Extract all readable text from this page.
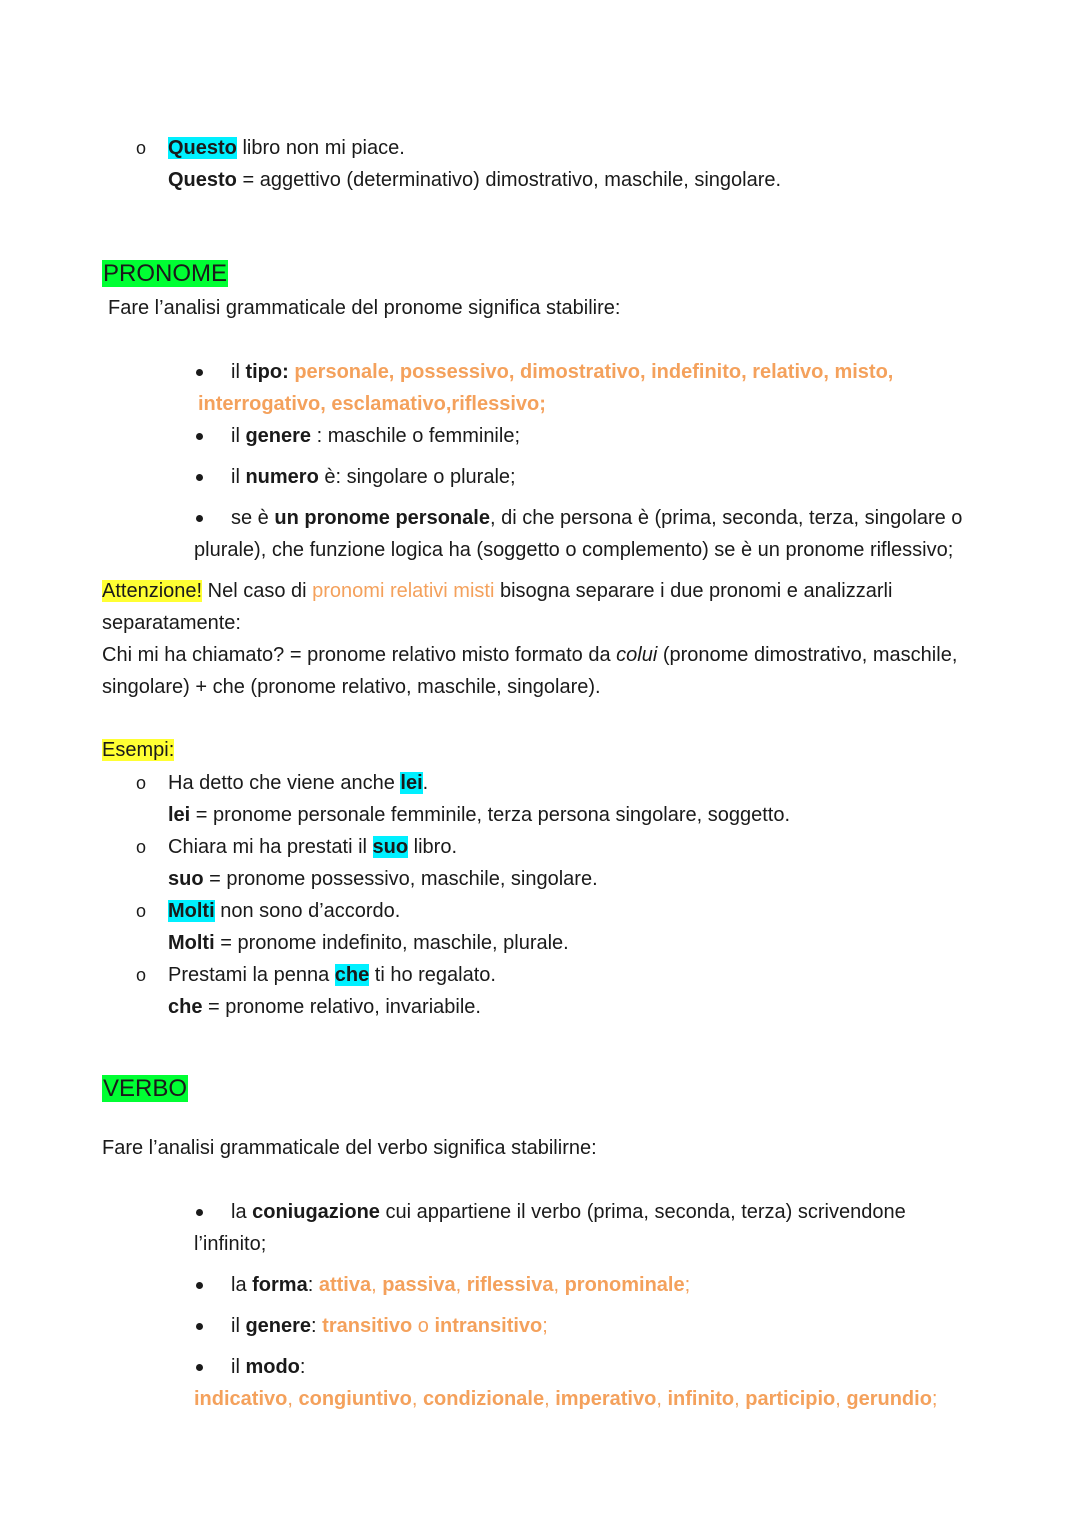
o Questo libro non mi piace.
Questo = aggettivo (determinativo) dimostrativo, maschile, singolare.
PRONOME
Fare l’analisi grammaticale del pronome significa stabilire:
il tipo: personale, possessivo, dimostrativo, indefinito, relativo, misto,
interrogativo, esclamativo,riflessivo;
il genere : maschile o femminile;
il numero è: singolare o plurale;
se è un pronome personale, di che persona è (prima, seconda, terza, singolare o
plurale), che funzione logica ha (soggetto o complemento) se è un pronome riflessivo;
Attenzione! Nel caso di pronomi relativi misti bisogna separare i due pronomi e analizzarli
separatamente:
Chi mi ha chiamato? = pronome relativo misto formato da colui (pronome dimostrativo, maschile,
singolare) + che (pronome relativo, maschile, singolare).
Esempi:
o Ha detto che viene anche lei.
lei = pronome personale femminile, terza persona singolare, soggetto.
o Chiara mi ha prestati il suo libro.
suo = pronome possessivo, maschile, singolare.
o Molti non sono d’accordo.
Molti = pronome indefinito, maschile, plurale.
o Prestami la penna che ti ho regalato.
che = pronome relativo, invariabile.
VERBO
Fare l’analisi grammaticale del verbo significa stabilirne:
la coniugazione cui appartiene il verbo (prima, seconda, terza) scrivendone
l’infinito;
la forma: attiva, passiva, riflessiva, pronominale;
il genere: transitivo o intransitivo;
il modo:
indicativo, congiuntivo, condizionale, imperativo, infinito, participio, gerundio;
